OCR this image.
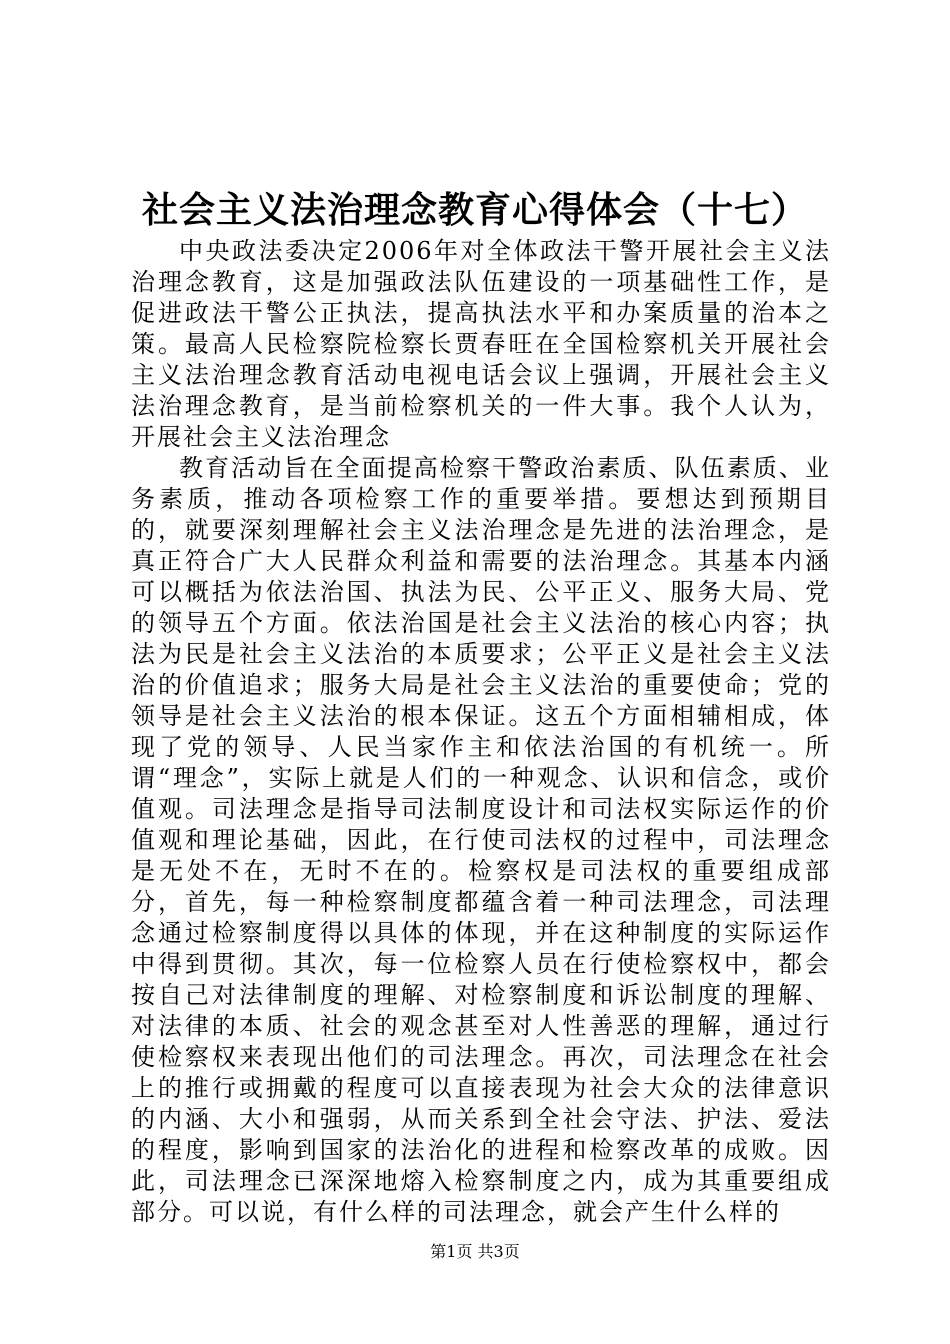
社会主义法治理念教育心得体会（十七）

中央政法委决定2006年对全体政法干警开展社会主义法治理念教育，这是加强政法队伍建设的一项基础性工作，是促进政法干警公正执法，提高执法水平和办案质量的治本之策。最高人民检察院检察长贾春旺在全国检察机关开展社会主义法治理念教育活动电视电话会议上强调，开展社会主义法治理念教育，是当前检察机关的一件大事。我个人认为，开展社会主义法治理念

教育活动旨在全面提高检察干警政治素质、队伍素质、业务素质，推动各项检察工作的重要举措。要想达到预期目的，就要深刻理解社会主义法治理念是先进的法治理念，是真正符合广大人民群众利益和需要的法治理念。其基本内涵可以概括为依法治国、执法为民、公平正义、服务大局、党的领导五个方面。依法治国是社会主义法治的核心内容；执法为民是社会主义法治的本质要求；公平正义是社会主义法治的价值追求；服务大局是社会主义法治的重要使命；党的领导是社会主义法治的根本保证。这五个方面相辅相成，体现了党的领导、人民当家作主和依法治国的有机统一。所谓“理念”，实际上就是人们的一种观念、认识和信念，或价值观。司法理念是指导司法制度设计和司法权实际运作的价值观和理论基础，因此，在行使司法权的过程中，司法理念是无处不在，无时不在的。检察权是司法权的重要组成部分，首先，每一种检察制度都蕴含着一种司法理念，司法理念通过检察制度得以具体的体现，并在这种制度的实际运作中得到贯彻。其次，每一位检察人员在行使检察权中，都会按自己对法律制度的理解、对检察制度和诉讼制度的理解、对法律的本质、社会的观念甚至对人性善恶的理解，通过行使检察权来表现出他们的司法理念。再次，司法理念在社会上的推行或拥戴的程度可以直接表现为社会大众的法律意识的内涵、大小和强弱，从而关系到全社会守法、护法、爱法的程度，影响到国家的法治化的进程和检察改革的成败。因此，司法理念已深深地熔入检察制度之内，成为其重要组成部分。可以说，有什么样的司法理念，就会产生什么样的

第1页 共3页
